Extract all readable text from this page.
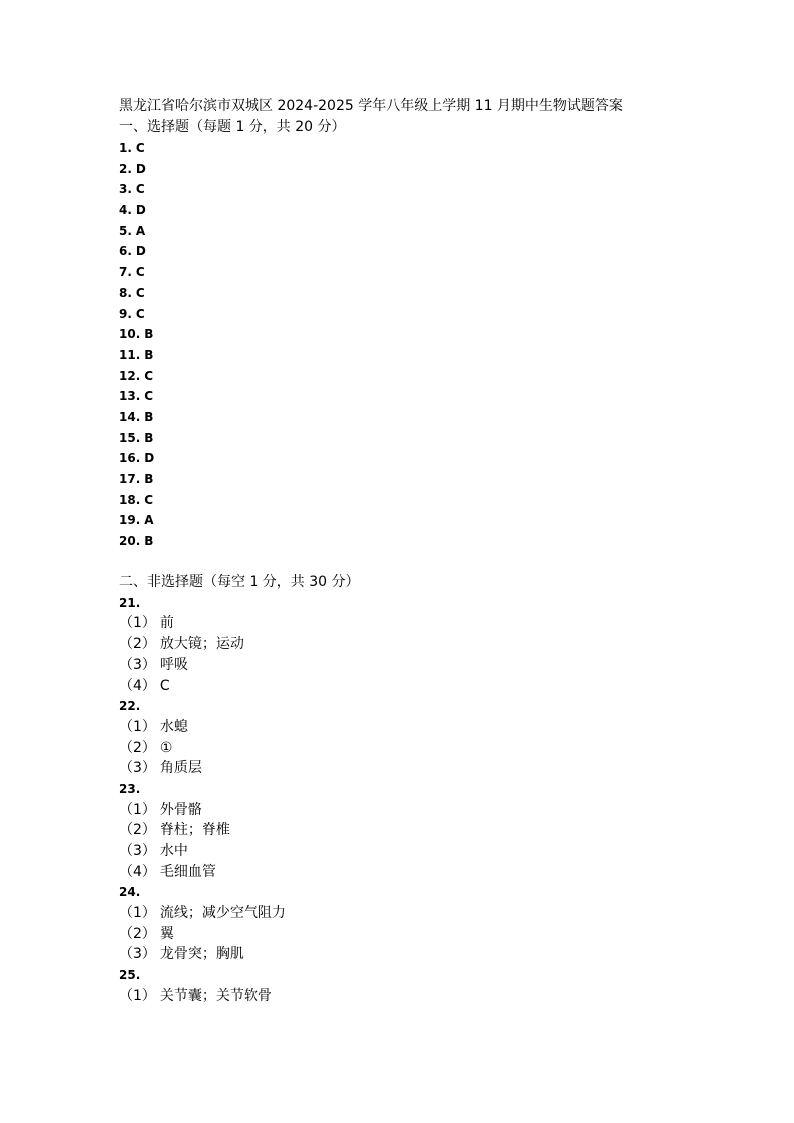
黑龙江省哈尔滨市双城区 2024-2025 学年八年级上学期 11 月期中生物试题答案
一、选择题（每题 1 分，共 20 分）
1. C
2. D
3. C
4. D
5. A
6. D
7. C
8. C
9. C
10. B
11. B
12. C
13. C
14. B
15. B
16. D
17. B
18. C
19. A
20. B
二、非选择题（每空 1 分，共 30 分）
21.
（1） 前
（2） 放大镜；运动
（3） 呼吸
（4） C
22.
（1） 水螅
（2） ①
（3） 角质层
23.
（1） 外骨骼
（2） 脊柱；脊椎
（3） 水中
（4） 毛细血管
24.
（1） 流线；减少空气阻力
（2） 翼
（3） 龙骨突；胸肌
25.
（1） 关节囊；关节软骨
